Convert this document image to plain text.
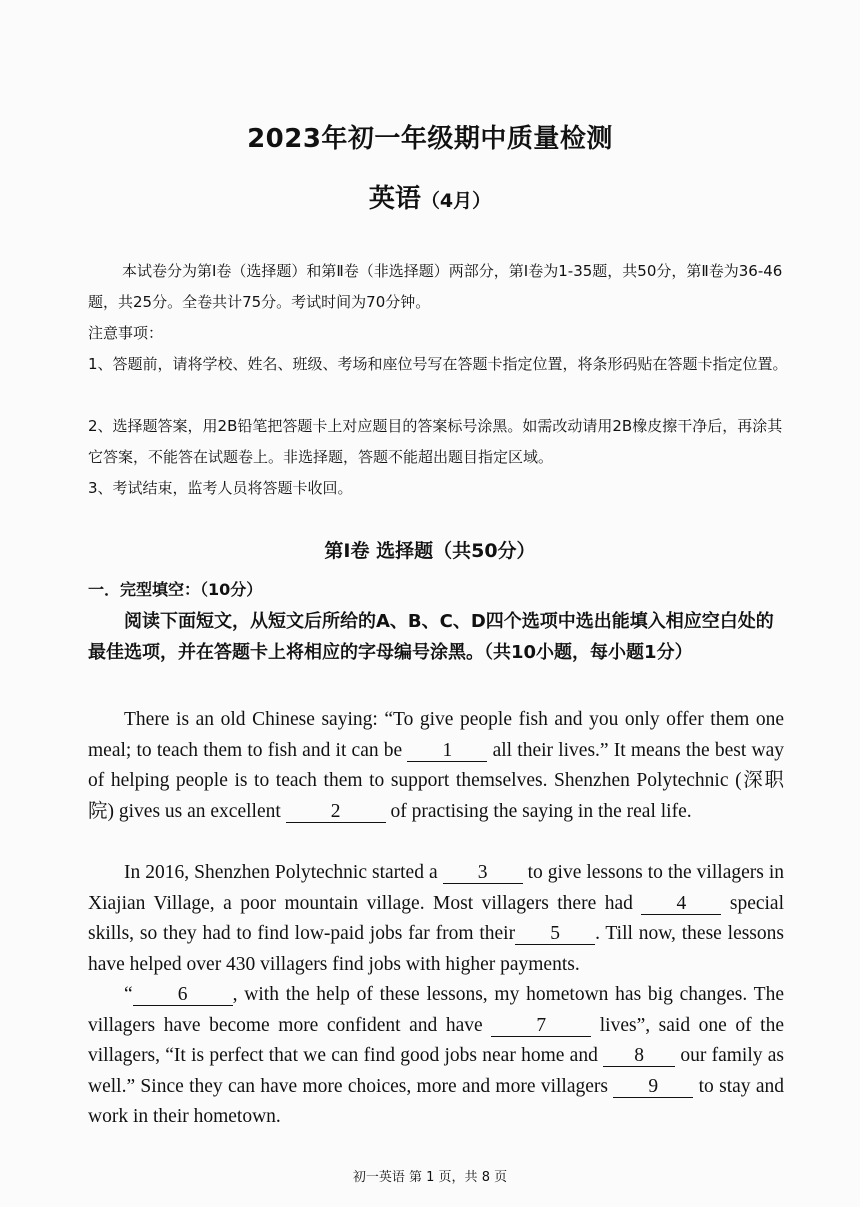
2023年初一年级期中质量检测
英语（4月）
本试卷分为第Ⅰ卷（选择题）和第Ⅱ卷（非选择题）两部分，第Ⅰ卷为1-35题，共50分，第Ⅱ卷为36-46题，共25分。全卷共计75分。考试时间为70分钟。
注意事项：
1、答题前，请将学校、姓名、班级、考场和座位号写在答题卡指定位置，将条形码贴在答题卡指定位置。
2、选择题答案，用2B铅笔把答题卡上对应题目的答案标号涂黑。如需改动请用2B橡皮擦干净后，再涂其它答案，不能答在试题卷上。非选择题，答题不能超出题目指定区域。
3、考试结束，监考人员将答题卡收回。
第Ⅰ卷 选择题（共50分）
一．完型填空：（10分）
阅读下面短文，从短文后所给的A、B、C、D四个选项中选出能填入相应空白处的最佳选项，并在答题卡上将相应的字母编号涂黑。（共10小题，每小题1分）
There is an old Chinese saying: “To give people fish and you only offer them one meal; to teach them to fish and it can be 1 all their lives.” It means the best way of helping people is to teach them to support themselves. Shenzhen Polytechnic (深职院) gives us an excellent 2 of practising the saying in the real life.
In 2016, Shenzhen Polytechnic started a 3 to give lessons to the villagers in Xiajian Village, a poor mountain village. Most villagers there had 4 special skills, so they had to find low-paid jobs far from their 5 . Till now, these lessons have helped over 430 villagers find jobs with higher payments.
“ 6 , with the help of these lessons, my hometown has big changes. The villagers have become more confident and have 7 lives”, said one of the villagers, “It is perfect that we can find good jobs near home and 8 our family as well.” Since they can have more choices, more and more villagers 9 to stay and work in their hometown.
初一英语 第 1 页，共 8 页
